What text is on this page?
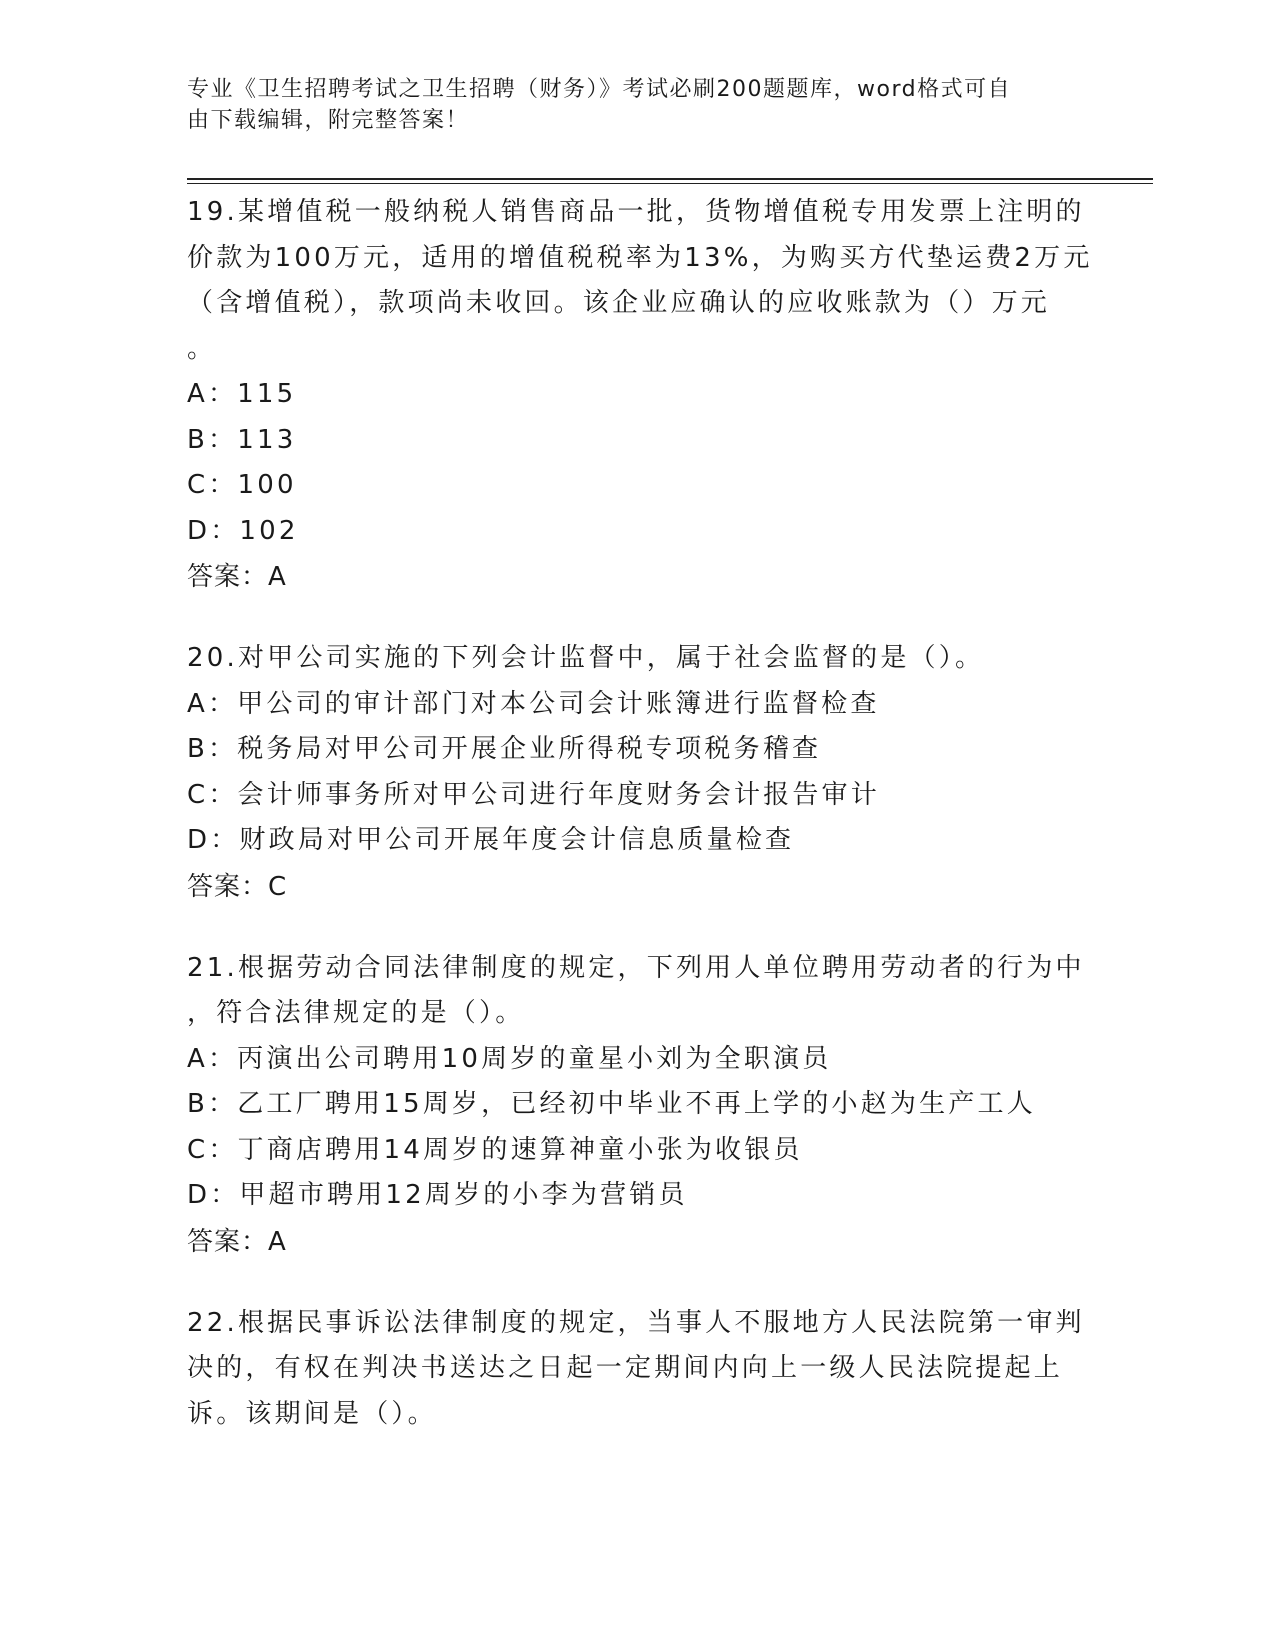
专业《卫生招聘考试之卫生招聘（财务）》考试必刷200题题库，word格式可自
由下载编辑，附完整答案！
19.某增值税一般纳税人销售商品一批，货物增值税专用发票上注明的
价款为100万元，适用的增值税税率为13%，为购买方代垫运费2万元
（含增值税），款项尚未收回。该企业应确认的应收账款为（）万元
。
A：115
B：113
C：100
D：102
答案：A
20.对甲公司实施的下列会计监督中，属于社会监督的是（）。
A：甲公司的审计部门对本公司会计账簿进行监督检查
B：税务局对甲公司开展企业所得税专项税务稽查
C：会计师事务所对甲公司进行年度财务会计报告审计
D：财政局对甲公司开展年度会计信息质量检查
答案：C
21.根据劳动合同法律制度的规定，下列用人单位聘用劳动者的行为中
，符合法律规定的是（）。
A：丙演出公司聘用10周岁的童星小刘为全职演员
B：乙工厂聘用15周岁，已经初中毕业不再上学的小赵为生产工人
C：丁商店聘用14周岁的速算神童小张为收银员
D：甲超市聘用12周岁的小李为营销员
答案：A
22.根据民事诉讼法律制度的规定，当事人不服地方人民法院第一审判
决的，有权在判决书送达之日起一定期间内向上一级人民法院提起上
诉。该期间是（）。
